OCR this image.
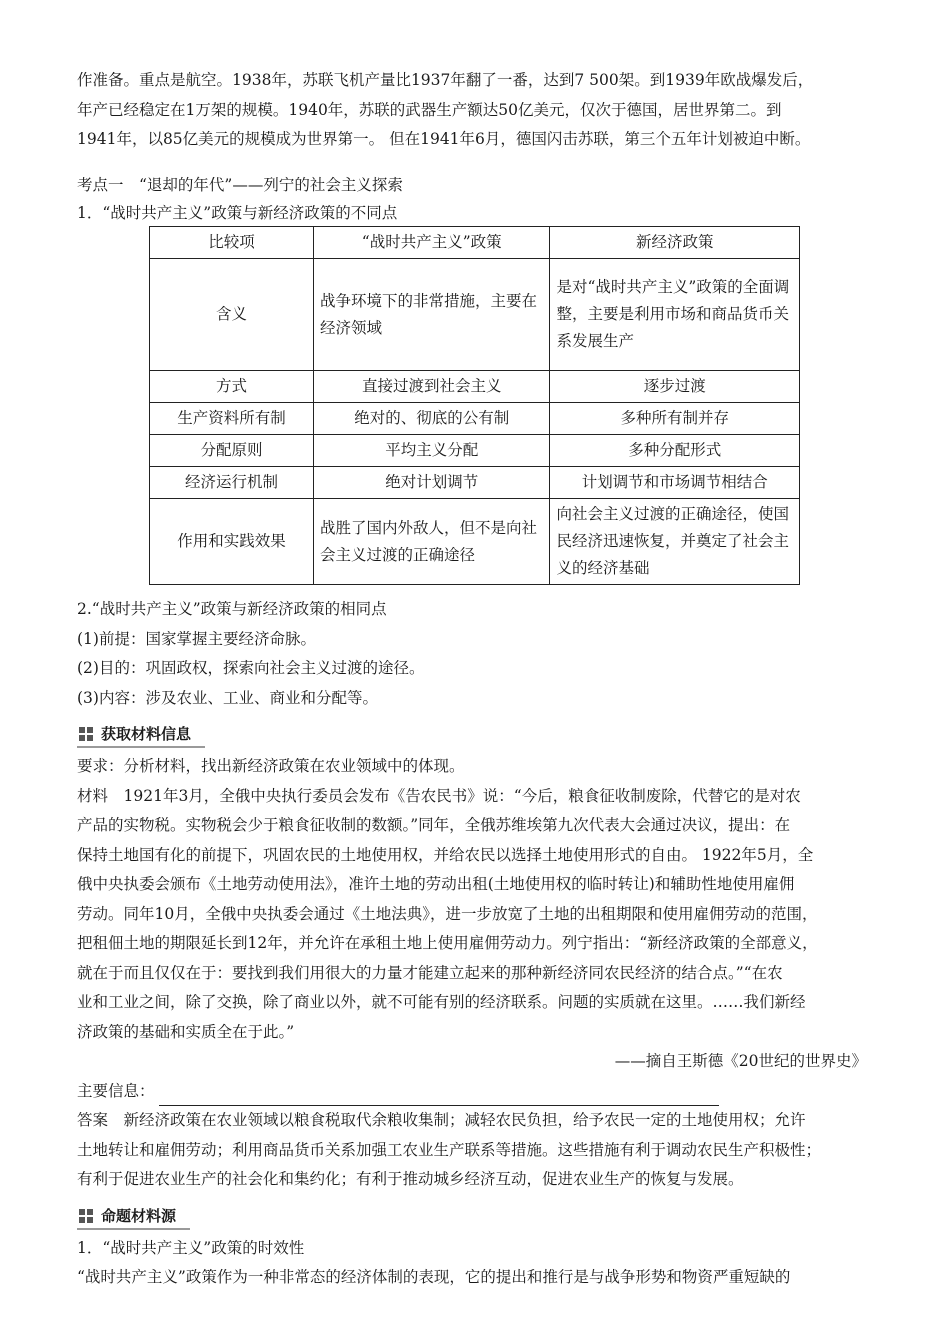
作准备。重点是航空。1938年，苏联飞机产量比1937年翻了一番，达到7 500架。到1939年欧战爆发后，

年产已经稳定在1万架的规模。1940年，苏联的武器生产额达50亿美元，仅次于德国，居世界第二。到

1941年，以85亿美元的规模成为世界第一。 但在1941年6月，德国闪击苏联，第三个五年计划被迫中断。

考点一　“退却的年代”——列宁的社会主义探索

1．“战时共产主义”政策与新经济政策的不同点

比较项	“战时共产主义”政策	新经济政策
含义	战争环境下的非常措施，主要在经济领域	是对“战时共产主义”政策的全面调整，主要是利用市场和商品货币关系发展生产
方式	直接过渡到社会主义	逐步过渡
生产资料所有制	绝对的、彻底的公有制	多种所有制并存
分配原则	平均主义分配	多种分配形式
经济运行机制	绝对计划调节	计划调节和市场调节相结合
作用和实践效果	战胜了国内外敌人，但不是向社会主义过渡的正确途径	向社会主义过渡的正确途径，使国民经济迅速恢复，并奠定了社会主义的经济基础

2.“战时共产主义”政策与新经济政策的相同点

(1)前提：国家掌握主要经济命脉。

(2)目的：巩固政权，探索向社会主义过渡的途径。

(3)内容：涉及农业、工业、商业和分配等。

获取材料信息

要求：分析材料，找出新经济政策在农业领域中的体现。

材料　1921年3月，全俄中央执行委员会发布《告农民书》说：“今后，粮食征收制废除，代替它的是对农

产品的实物税。实物税会少于粮食征收制的数额。”同年，全俄苏维埃第九次代表大会通过决议，提出：在

保持土地国有化的前提下，巩固农民的土地使用权，并给农民以选择土地使用形式的自由。 1922年5月，全

俄中央执委会颁布《土地劳动使用法》，准许土地的劳动出租(土地使用权的临时转让)和辅助性地使用雇佣

劳动。同年10月，全俄中央执委会通过《土地法典》，进一步放宽了土地的出租期限和使用雇佣劳动的范围，

把租佃土地的期限延长到12年，并允许在承租土地上使用雇佣劳动力。列宁指出：“新经济政策的全部意义，

就在于而且仅仅在于：要找到我们用很大的力量才能建立起来的那种新经济同农民经济的结合点。”“在农

业和工业之间，除了交换，除了商业以外，就不可能有别的经济联系。问题的实质就在这里。……我们新经

济政策的基础和实质全在于此。”

——摘自王斯德《20世纪的世界史》

主要信息：

答案　新经济政策在农业领域以粮食税取代余粮收集制；减轻农民负担，给予农民一定的土地使用权；允许

土地转让和雇佣劳动；利用商品货币关系加强工农业生产联系等措施。这些措施有利于调动农民生产积极性；

有利于促进农业生产的社会化和集约化；有利于推动城乡经济互动，促进农业生产的恢复与发展。

命题材料源

1．“战时共产主义”政策的时效性

“战时共产主义”政策作为一种非常态的经济体制的表现，它的提出和推行是与战争形势和物资严重短缺的
